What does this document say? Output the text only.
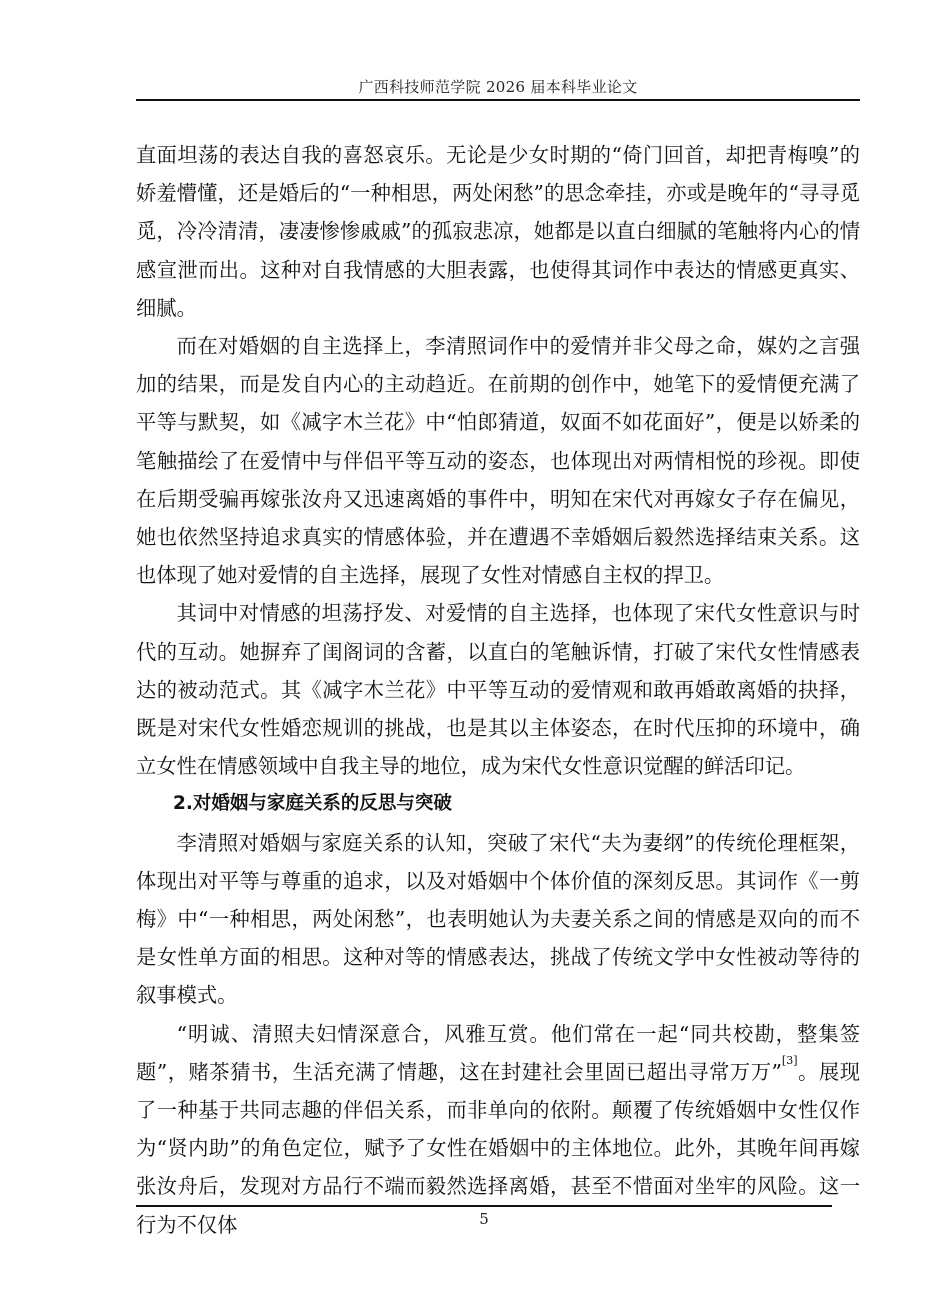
广西科技师范学院 2026 届本科毕业论文

直面坦荡的表达自我的喜怒哀乐。无论是少女时期的“倚门回首，却把青梅嗅”的娇羞懵懂，还是婚后的“一种相思，两处闲愁”的思念牵挂，亦或是晚年的“寻寻觅觅，冷冷清清，凄凄惨惨戚戚”的孤寂悲凉，她都是以直白细腻的笔触将内心的情感宣泄而出。这种对自我情感的大胆表露，也使得其词作中表达的情感更真实、细腻。

而在对婚姻的自主选择上，李清照词作中的爱情并非父母之命，媒妁之言强加的结果，而是发自内心的主动趋近。在前期的创作中，她笔下的爱情便充满了平等与默契，如《减字木兰花》中“怕郎猜道，奴面不如花面好”，便是以娇柔的笔触描绘了在爱情中与伴侣平等互动的姿态，也体现出对两情相悦的珍视。即使在后期受骗再嫁张汝舟又迅速离婚的事件中，明知在宋代对再嫁女子存在偏见，她也依然坚持追求真实的情感体验，并在遭遇不幸婚姻后毅然选择结束关系。这也体现了她对爱情的自主选择，展现了女性对情感自主权的捍卫。

其词中对情感的坦荡抒发、对爱情的自主选择，也体现了宋代女性意识与时代的互动。她摒弃了闺阁词的含蓄，以直白的笔触诉情，打破了宋代女性情感表达的被动范式。其《减字木兰花》中平等互动的爱情观和敢再婚敢离婚的抉择，既是对宋代女性婚恋规训的挑战，也是其以主体姿态，在时代压抑的环境中，确立女性在情感领域中自我主导的地位，成为宋代女性意识觉醒的鲜活印记。

2.对婚姻与家庭关系的反思与突破

李清照对婚姻与家庭关系的认知，突破了宋代“夫为妻纲”的传统伦理框架，体现出对平等与尊重的追求，以及对婚姻中个体价值的深刻反思。其词作《一剪梅》中“一种相思，两处闲愁”，也表明她认为夫妻关系之间的情感是双向的而不是女性单方面的相思。这种对等的情感表达，挑战了传统文学中女性被动等待的叙事模式。

“明诚、清照夫妇情深意合，风雅互赏。他们常在一起“同共校勘，整集签题”，赌茶猜书，生活充满了情趣，这在封建社会里固已超出寻常万万”[3]。展现了一种基于共同志趣的伴侣关系，而非单向的依附。颠覆了传统婚姻中女性仅作为“贤内助”的角色定位，赋予了女性在婚姻中的主体地位。此外，其晚年间再嫁张汝舟后，发现对方品行不端而毅然选择离婚，甚至不惜面对坐牢的风险。这一行为不仅体	5
